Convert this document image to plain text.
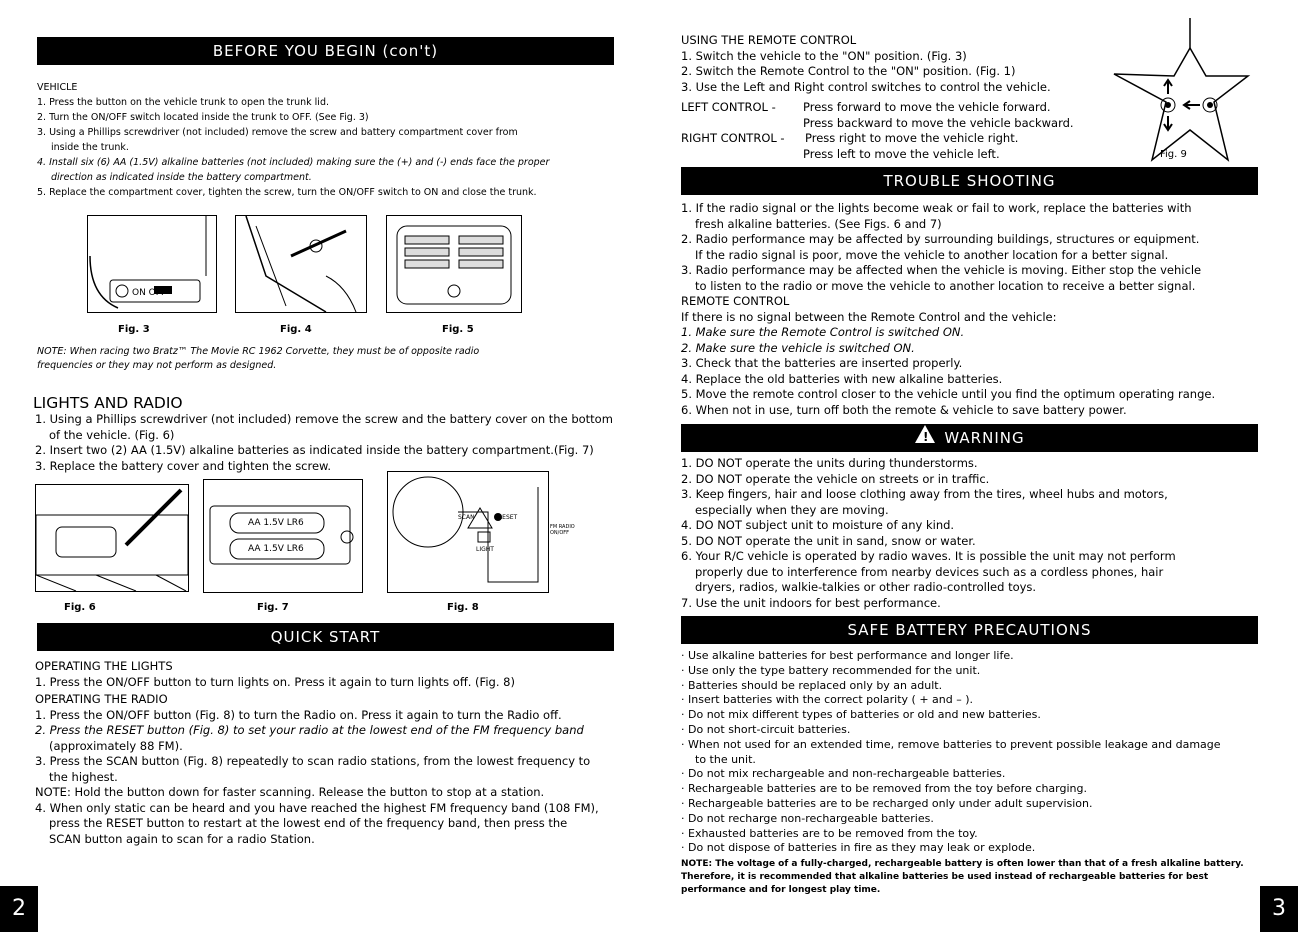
BEFORE YOU BEGIN (con't)

VEHICLE

1. Press the button on the vehicle trunk to open the trunk lid.

2. Turn the ON/OFF switch located inside the trunk to OFF. (See Fig. 3)

3. Using a Phillips screwdriver (not included) remove the screw and battery compartment cover from

inside the trunk.

4. Install six (6) AA (1.5V) alkaline batteries (not included) making sure the (+) and (-) ends face the proper

direction as indicated inside the battery compartment.

5. Replace the compartment cover, tighten the screw, turn the ON/OFF switch to ON and close the trunk.

ON OFF
Fig. 3	Fig. 4	Fig. 5

NOTE: When racing two Bratz™ The Movie RC 1962 Corvette, they must be of opposite radio

frequencies or they may not perform as designed.

LIGHTS AND RADIO

1. Using a Phillips screwdriver (not included) remove the screw and the battery cover on the bottom

of the vehicle. (Fig. 6)

2. Insert two (2) AA (1.5V) alkaline batteries as indicated inside the battery compartment.(Fig. 7)

3. Replace the battery cover and tighten the screw.

AA 1.5V LR6
AA 1.5V LR6
SCAN	RESET
LIGHT
FM RADIO ON/OFF
Fig. 6	Fig. 7	Fig. 8
QUICK START

OPERATING THE LIGHTS

1. Press the ON/OFF button to turn lights on. Press it again to turn lights off. (Fig. 8)

OPERATING THE RADIO

1. Press the ON/OFF button (Fig. 8) to turn the Radio on. Press it again to turn the Radio off.

2. Press the RESET button (Fig. 8) to set your radio at the lowest end of the FM frequency band

(approximately 88 FM).

3. Press the SCAN button (Fig. 8) repeatedly to scan radio stations, from the lowest frequency to

the highest.

NOTE: Hold the button down for faster scanning. Release the button to stop at a station.

4. When only static can be heard and you have reached the highest FM frequency band (108 FM),

press the RESET button to restart at the lowest end of the frequency band, then press the

SCAN button again to scan for a radio Station.

2

USING THE REMOTE CONTROL

1. Switch the vehicle to the "ON" position. (Fig. 3)

2. Switch the Remote Control to the "ON" position. (Fig. 1)

3. Use the Left and Right control switches to control the vehicle.

LEFT CONTROL - Press forward to move the vehicle forward.
Press backward to move the vehicle backward.
RIGHT CONTROL - Press right to move the vehicle right.
Press left to move the vehicle left.	Fig. 9
TROUBLE SHOOTING

1. If the radio signal or the lights become weak or fail to work, replace the batteries with

fresh alkaline batteries. (See Figs. 6 and 7)

2. Radio performance may be affected by surrounding buildings, structures or equipment.

If the radio signal is poor, move the vehicle to another location for a better signal.

3. Radio performance may be affected when the vehicle is moving. Either stop the vehicle

to listen to the radio or move the vehicle to another location to receive a better signal.

REMOTE CONTROL

If there is no signal between the Remote Control and the vehicle:

1. Make sure the Remote Control is switched ON.

2. Make sure the vehicle is switched ON.

3. Check that the batteries are inserted properly.

4. Replace the old batteries with new alkaline batteries.

5. Move the remote control closer to the vehicle until you find the optimum operating range.

6. When not in use, turn off both the remote & vehicle to save battery power.

! WARNING

1. DO NOT operate the units during thunderstorms.

2. DO NOT operate the vehicle on streets or in traffic.

3. Keep fingers, hair and loose clothing away from the tires, wheel hubs and motors,

especially when they are moving.

4. DO NOT subject unit to moisture of any kind.

5. DO NOT operate the unit in sand, snow or water.

6. Your R/C vehicle is operated by radio waves. It is possible the unit may not perform

properly due to interference from nearby devices such as a cordless phones, hair

dryers, radios, walkie-talkies or other radio-controlled toys.

7. Use the unit indoors for best performance.

SAFE BATTERY PRECAUTIONS

· Use alkaline batteries for best performance and longer life.

· Use only the type battery recommended for the unit.

· Batteries should be replaced only by an adult.

· Insert batteries with the correct polarity ( + and – ).

· Do not mix different types of batteries or old and new batteries.

· Do not short-circuit batteries.

· When not used for an extended time, remove batteries to prevent possible leakage and damage

to the unit.

· Do not mix rechargeable and non-rechargeable batteries.

· Rechargeable batteries are to be removed from the toy before charging.

· Rechargeable batteries are to be recharged only under adult supervision.

· Do not recharge non-rechargeable batteries.

· Exhausted batteries are to be removed from the toy.

· Do not dispose of batteries in fire as they may leak or explode.

NOTE: The voltage of a fully-charged, rechargeable battery is often lower than that of a fresh alkaline battery.

Therefore, it is recommended that alkaline batteries be used instead of rechargeable batteries for best

performance and for longest play time.

3
